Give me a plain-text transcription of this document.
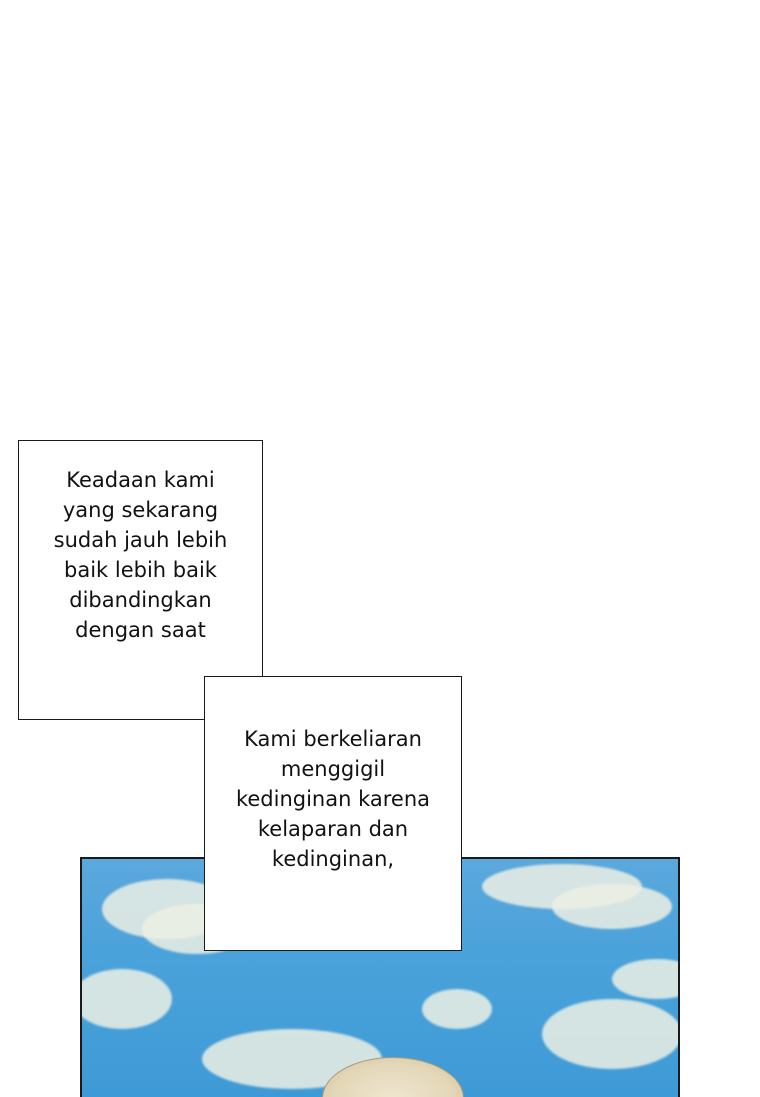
Keadaan kami
yang sekarang
sudah jauh lebih
baik lebih baik
dibandingkan
dengan saat

Kami berkeliaran
menggigil
kedinginan karena
kelaparan dan
kedinginan,
